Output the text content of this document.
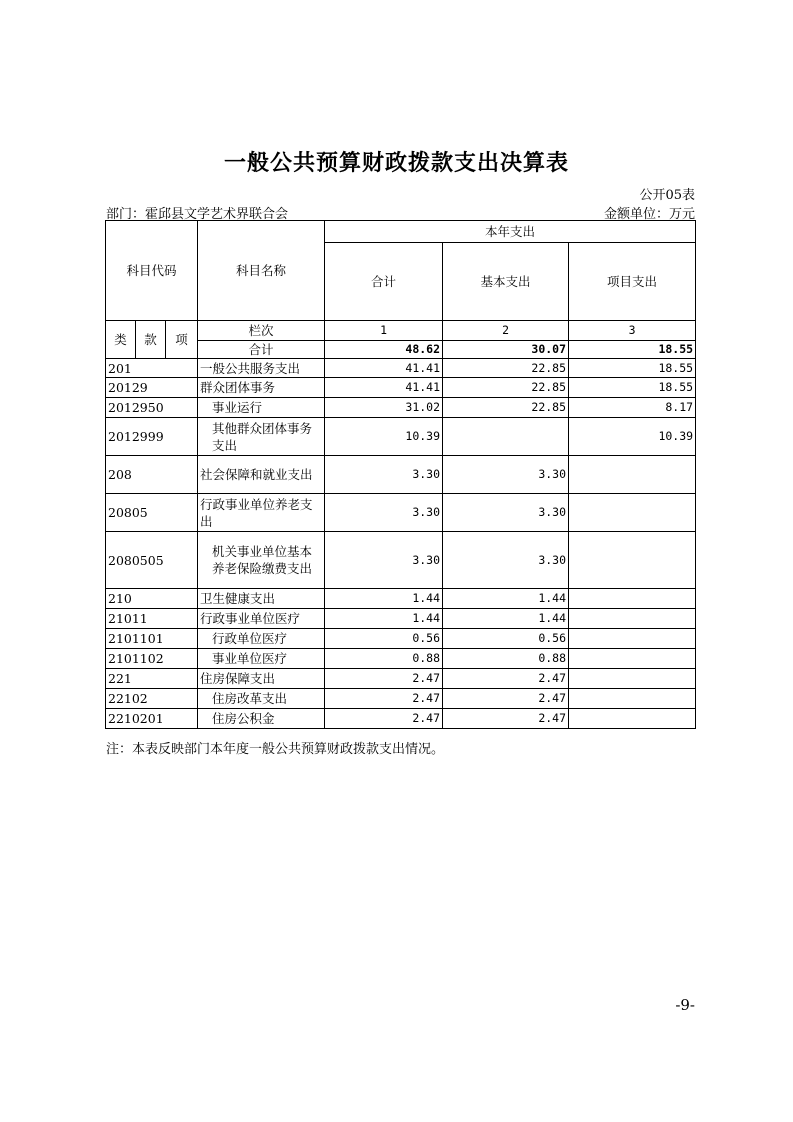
一般公共预算财政拨款支出决算表
公开05表
部门：霍邱县文学艺术界联合会	金额单位：万元
科目代码			科目名称	本年支出		
				合计	基本支出	项目支出
类	款	项	栏次	1	2	3
			合计	48.62	30.07	18.55
201			一般公共服务支出	41.41	22.85	18.55
20129			群众团体事务	41.41	22.85	18.55
2012950			事业运行	31.02	22.85	8.17
2012999			其他群众团体事务支出	10.39		10.39
208			社会保障和就业支出	3.30	3.30	
20805			行政事业单位养老支出	3.30	3.30	
2080505			机关事业单位基本养老保险缴费支出	3.30	3.30	
210			卫生健康支出	1.44	1.44	
21011			行政事业单位医疗	1.44	1.44	
2101101			行政单位医疗	0.56	0.56	
2101102			事业单位医疗	0.88	0.88	
221			住房保障支出	2.47	2.47	
22102			住房改革支出	2.47	2.47	
2210201			住房公积金	2.47	2.47	
注：本表反映部门本年度一般公共预算财政拨款支出情况。
-9-
